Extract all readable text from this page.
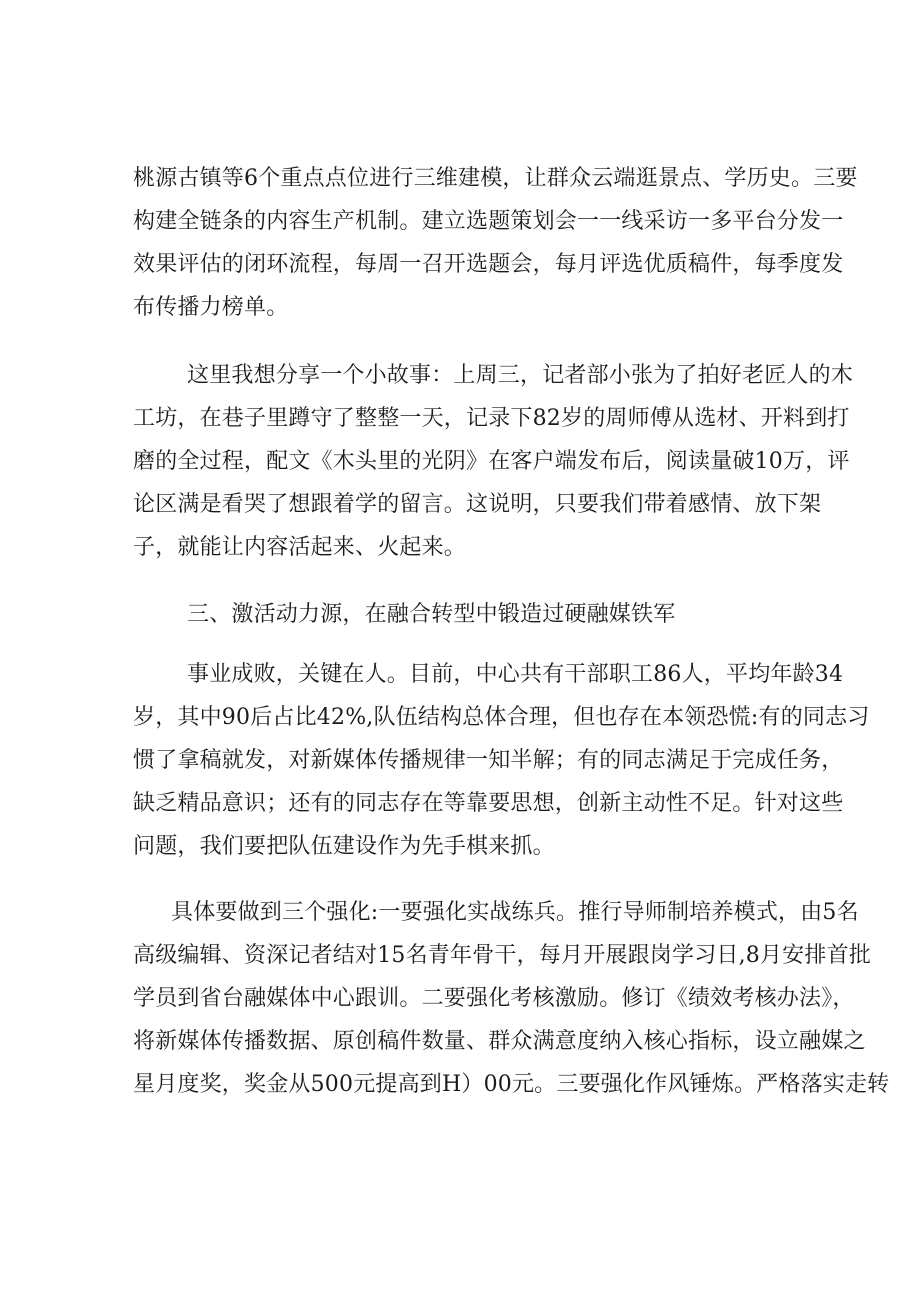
桃源古镇等6个重点点位进行三维建模，让群众云端逛景点、学历史。三要
构建全链条的内容生产机制。建立选题策划会一一线采访一多平台分发一
效果评估的闭环流程，每周一召开选题会，每月评选优质稿件，每季度发
布传播力榜单。
这里我想分享一个小故事：上周三，记者部小张为了拍好老匠人的木
工坊，在巷子里蹲守了整整一天，记录下82岁的周师傅从选材、开料到打
磨的全过程，配文《木头里的光阴》在客户端发布后，阅读量破10万，评
论区满是看哭了想跟着学的留言。这说明，只要我们带着感情、放下架
子，就能让内容活起来、火起来。
三、激活动力源，在融合转型中锻造过硬融媒铁军
事业成败，关键在人。目前，中心共有干部职工86人，平均年龄34
岁，其中90后占比42%,队伍结构总体合理，但也存在本领恐慌:有的同志习
惯了拿稿就发，对新媒体传播规律一知半解；有的同志满足于完成任务，
缺乏精品意识；还有的同志存在等靠要思想，创新主动性不足。针对这些
问题，我们要把队伍建设作为先手棋来抓。
具体要做到三个强化:一要强化实战练兵。推行导师制培养模式，由5名
高级编辑、资深记者结对15名青年骨干，每月开展跟岗学习日,8月安排首批
学员到省台融媒体中心跟训。二要强化考核激励。修订《绩效考核办法》，
将新媒体传播数据、原创稿件数量、群众满意度纳入核心指标，设立融媒之
星月度奖，奖金从500元提高到H）00元。三要强化作风锤炼。严格落实走转
